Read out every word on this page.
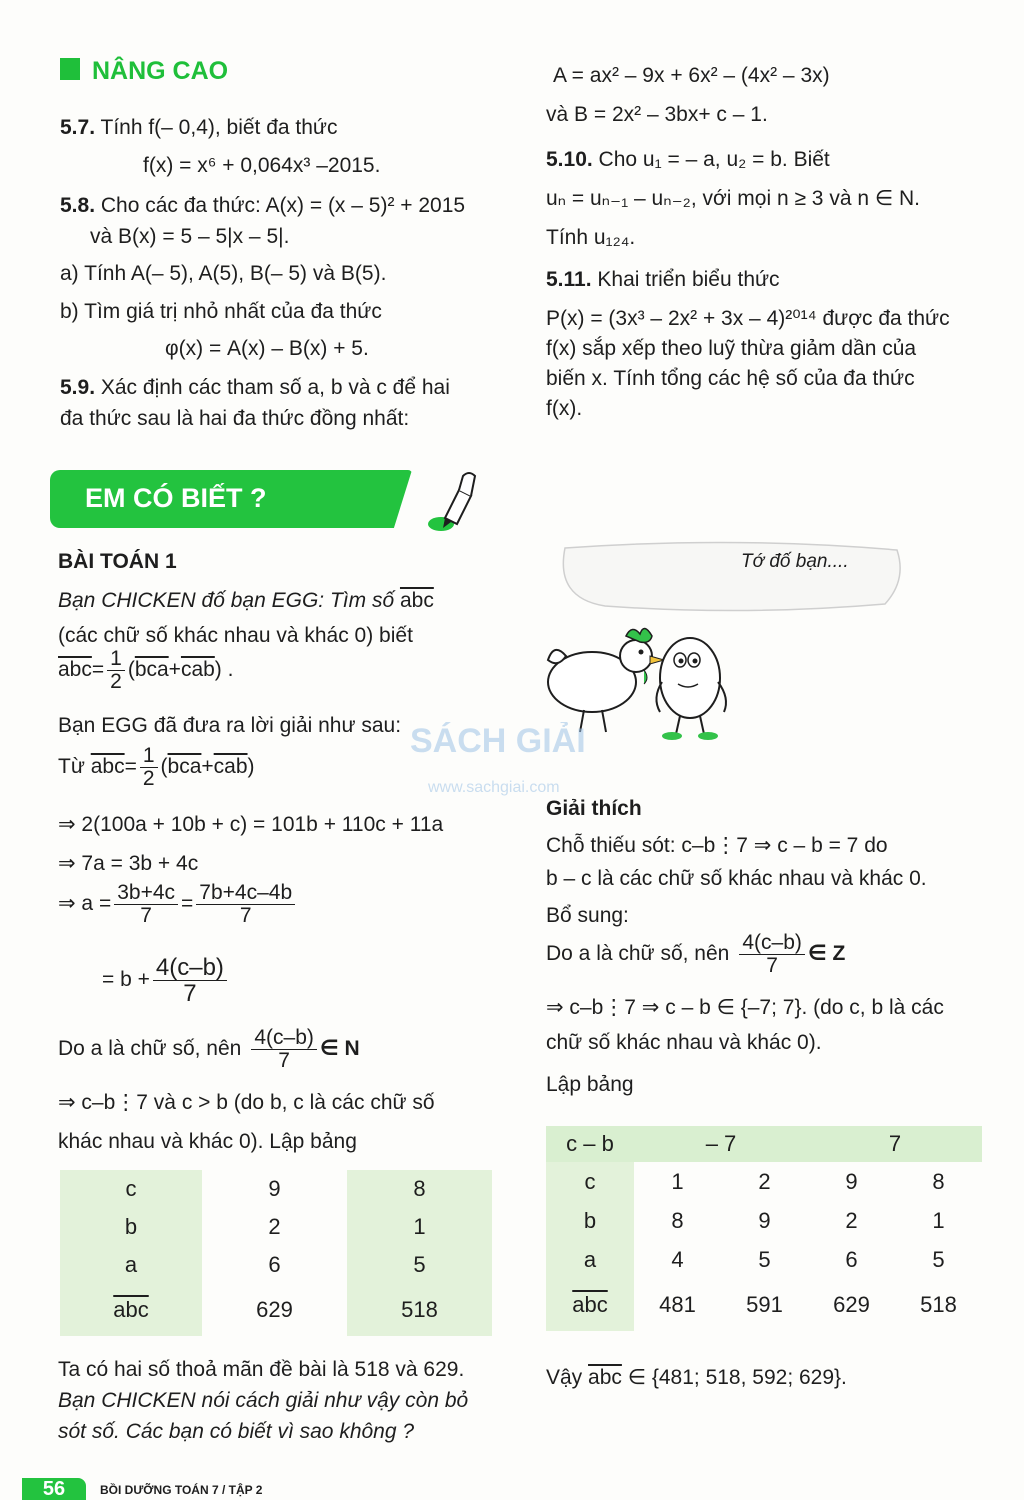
NÂNG CAO
5.7. Tính f(– 0,4), biết đa thức
f(x) = x⁶ + 0,064x³ –2015.
5.8. Cho các đa thức: A(x) = (x – 5)² + 2015
và B(x) = 5 – 5|x – 5|.
a) Tính A(– 5), A(5), B(– 5) và B(5).
b) Tìm giá trị nhỏ nhất của đa thức
φ(x) = A(x) – B(x) + 5.
5.9. Xác định các tham số a, b và c để hai
đa thức sau là hai đa thức đồng nhất:
A = ax² – 9x + 6x² – (4x² – 3x)
và B = 2x² – 3bx+ c – 1.
5.10. Cho u₁ = – a, u₂ = b. Biết
uₙ = uₙ₋₁ – uₙ₋₂, với mọi n ≥ 3 và n ∈ N.
Tính u₁₂₄.
5.11. Khai triển biểu thức
P(x) = (3x³ – 2x² + 3x – 4)²⁰¹⁴ được đa thức
f(x) sắp xếp theo luỹ thừa giảm dần của
biến x. Tính tổng các hệ số của đa thức
f(x).
EM CÓ BIẾT ?
BÀI TOÁN 1
Bạn CHICKEN đố bạn EGG: Tìm số $\overline{abc}$
(các chữ số khác nhau và khác 0) biết
$\overline{abc}= \frac{1}{2} (\overline{bca}+\overline{cab})$ .
Bạn EGG đã đưa ra lời giải như sau:
Từ $\overline{abc}= \frac{1}{2} (\overline{bca}+\overline{cab})$
⇒ 2(100a + 10b + c) = 101b + 110c + 11a
⇒ 7a = 3b + 4c
⇒ $a = \frac{3b+4c}{7} = \frac{7b+4c-4b}{7}$
= $b + \frac{4(c-b)}{7}$
Do a là chữ số, nên $\frac{4(c-b)}{7}$ ∈ N
⇒ c–b⋮7 và c > b (do b, c là các chữ số
khác nhau và khác 0). Lập bảng
c	9	8
b	2	1
a	6	5
$\overline{abc}$	629	518
Ta có hai số thoả mãn đề bài là 518 và 629.
Bạn CHICKEN nói cách giải như vậy còn bỏ
sót số. Các bạn có biết vì sao không ?
Tớ đố bạn....
SÁCH GIẢI
www.sachgiai.com
Giải thích
Chỗ thiếu sót: c–b⋮7 ⇒ c – b = 7 do
b – c là các chữ số khác nhau và khác 0.
Bổ sung:
Do a là chữ số, nên $\frac{4(c-b)}{7}$ ∈ Z
⇒ c–b⋮7 ⇒ c – b ∈ {–7; 7}. (do c, b là các
chữ số khác nhau và khác 0).
Lập bảng
c – b	– 7		7	
c	1	2	9	8
b	8	9	2	1
a	4	5	6	5
$\overline{abc}$	481	591	629	518
Vậy $\overline{abc}$ ∈ {481; 518, 592; 629}.
56	BỒI DƯỠNG TOÁN 7 / TẬP 2
